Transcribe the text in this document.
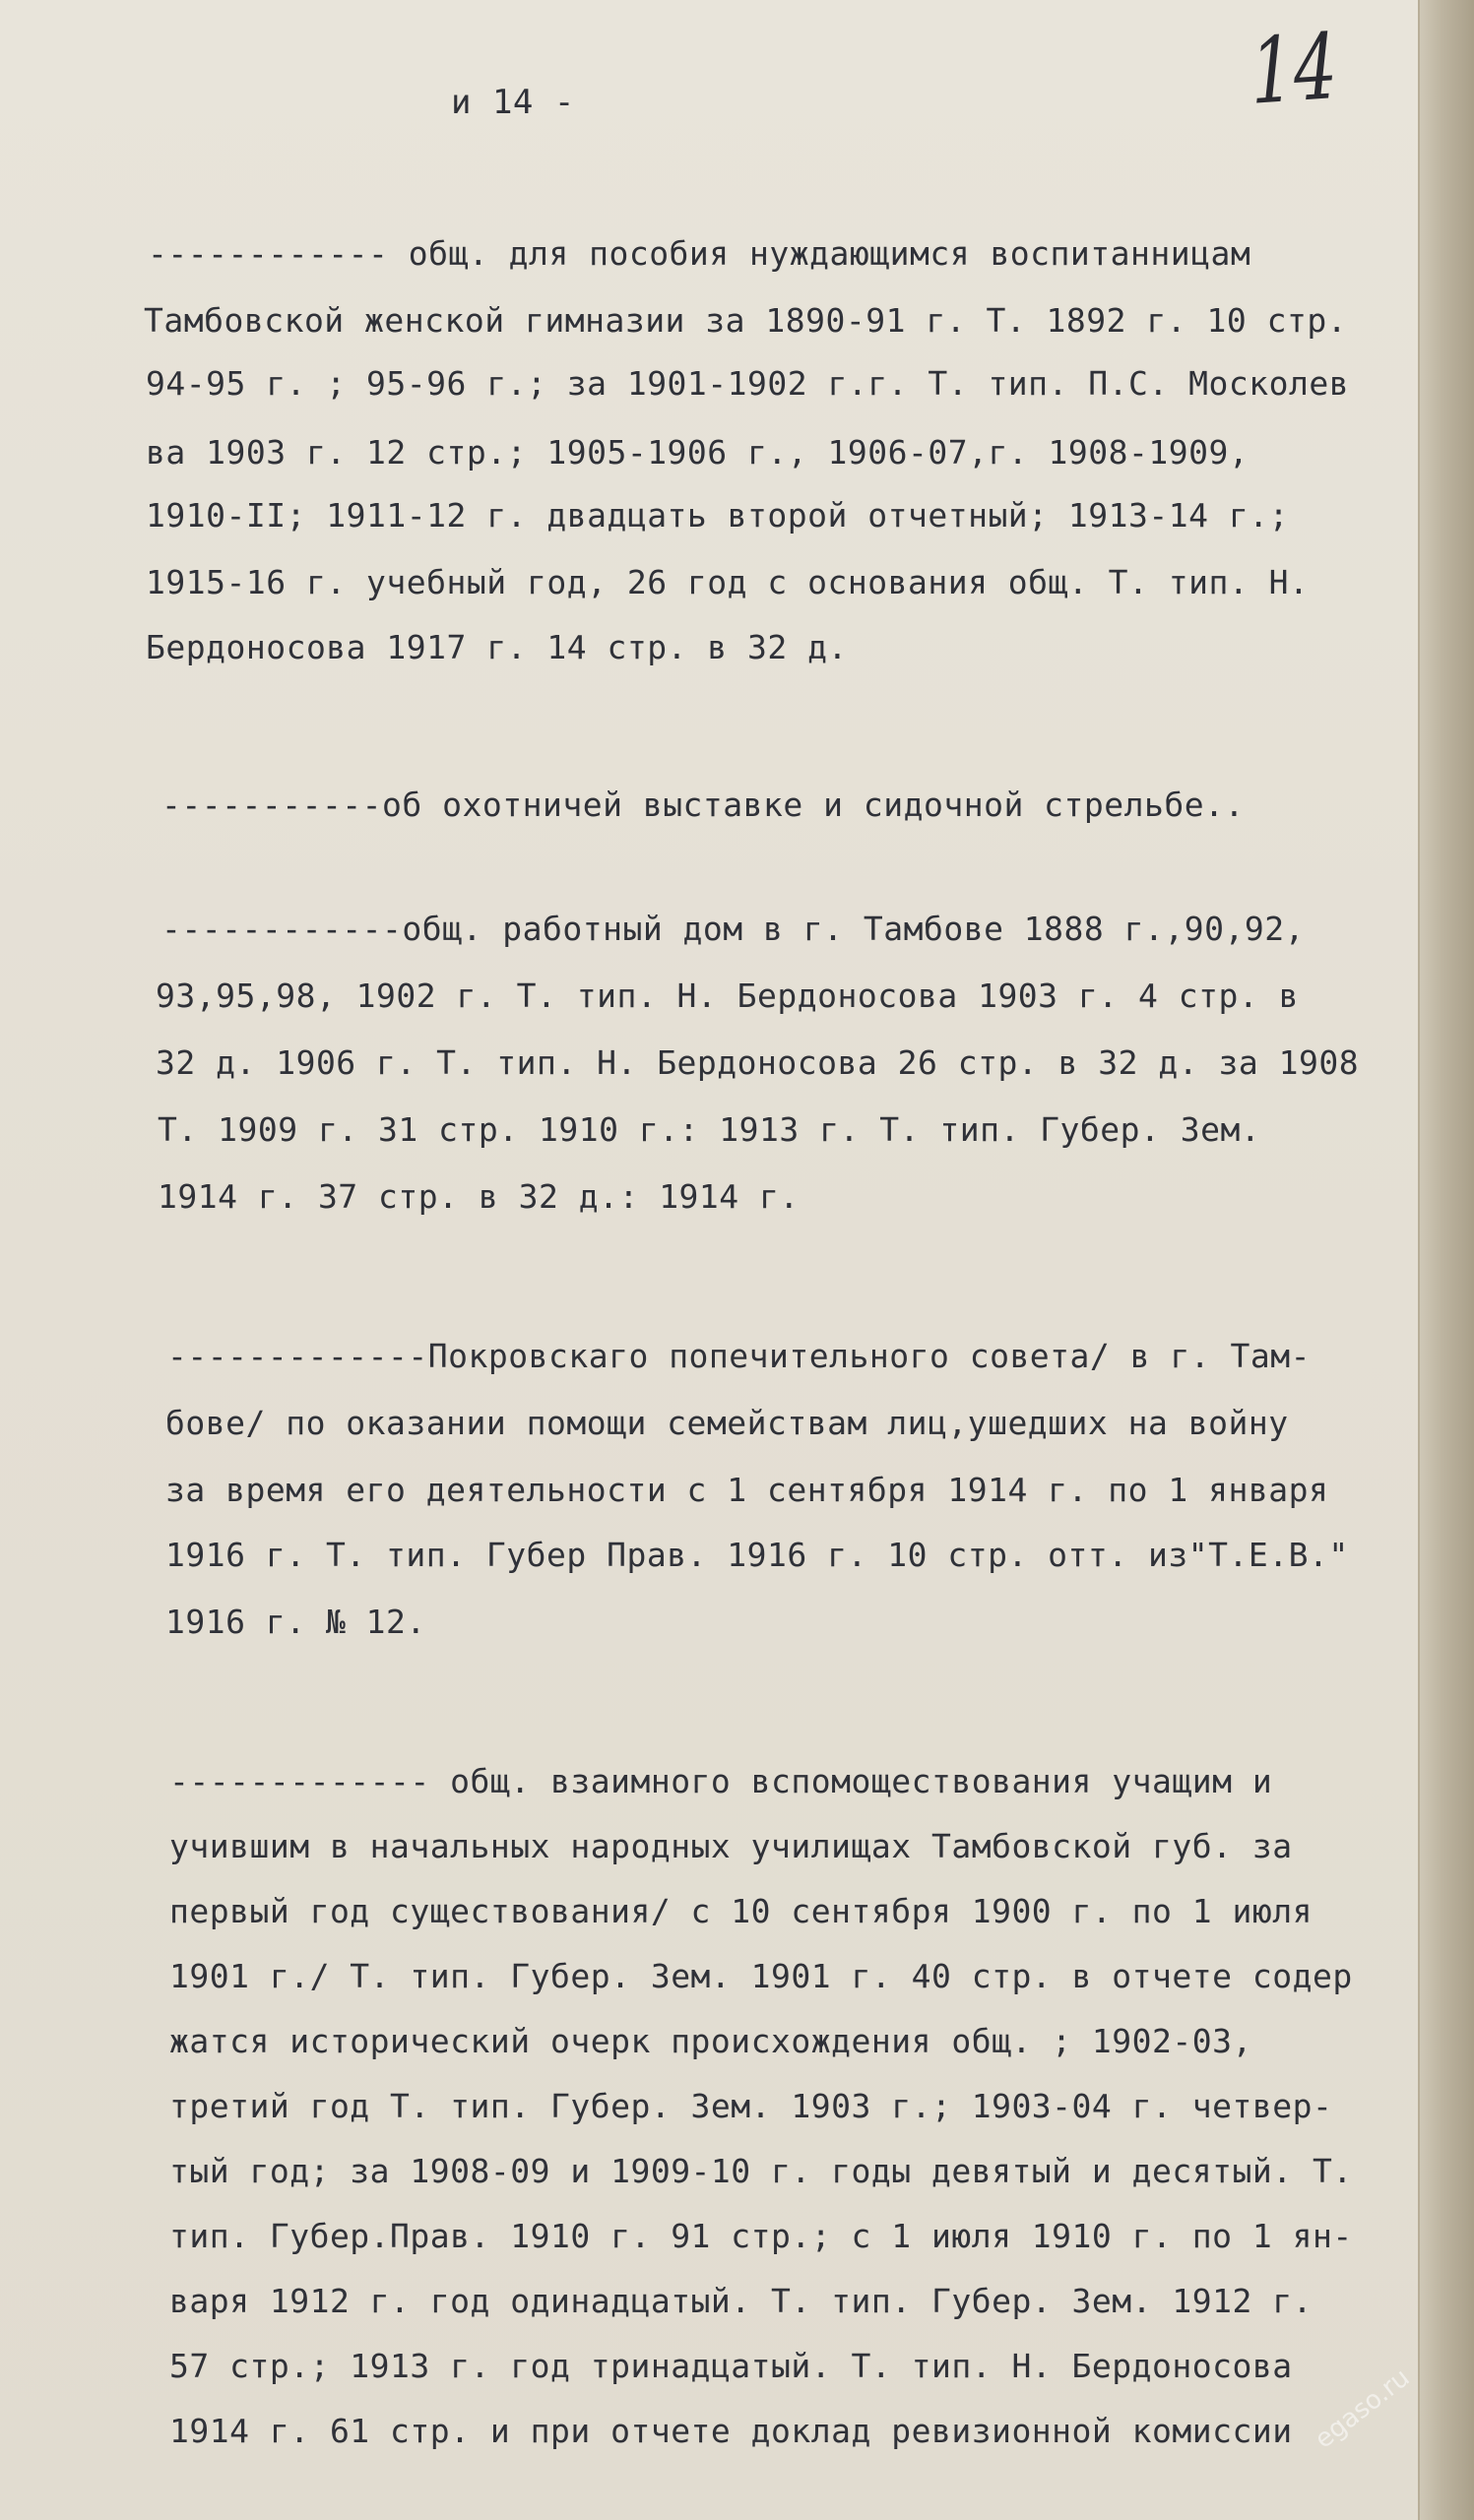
и 14 -

------------ общ. для пособия нуждающимся воспитанницам

Тамбовской женской гимназии за 1890-91 г. Т. 1892 г. 10 стр.

94-95 г. ; 95-96 г.; за 1901-1902 г.г. Т. тип. П.С. Москолев

ва 1903 г. 12 стр.; 1905-1906 г., 1906-07,г. 1908-1909,

1910-II; 1911-12 г. двадцать второй отчетный; 1913-14 г.;

1915-16 г. учебный год, 26 год с основания общ. Т. тип. Н.

Бердоносова 1917 г. 14 стр. в 32 д.

-----------об охотничей выставке и сидочной стрельбе..

------------общ. работный дом в г. Тамбове 1888 г.,90,92,

93,95,98, 1902 г. Т. тип. Н. Бердоносова 1903 г. 4 стр. в

32 д. 1906 г. Т. тип. Н. Бердоносова 26 стр. в 32 д. за 1908

Т. 1909 г. 31 стр. 1910 г.: 1913 г. Т. тип. Губер. Зем.

1914 г. 37 стр. в 32 д.: 1914 г.

-------------Покровскаго попечительного совета/ в г. Там-

бове/ по оказании помощи семействам лиц,ушедших на войну

за время его деятельности с 1 сентября 1914 г. по 1 января

1916 г. Т. тип. Губер Прав. 1916 г. 10 стр. отт. из"Т.Е.В."

1916 г. № 12.

------------- общ. взаимного вспомоществования учащим и

учившим в начальных народных училищах Тамбовской губ. за

первый год существования/ с 10 сентября 1900 г. по 1 июля

1901 г./ Т. тип. Губер. Зем. 1901 г. 40 стр. в отчете содер

жатся исторический очерк происхождения общ. ; 1902-03,

третий год Т. тип. Губер. Зем. 1903 г.; 1903-04 г. четвер-

тый год; за 1908-09 и 1909-10 г. годы девятый и десятый. Т.

тип. Губер.Прав. 1910 г. 91 стр.; с 1 июля 1910 г. по 1 ян-

варя 1912 г. год одинадцатый. Т. тип. Губер. Зем. 1912 г.

57 стр.; 1913 г. год тринадцатый. Т. тип. Н. Бердоносова

1914 г. 61 стр. и при отчете доклад ревизионной комиссии

14
egaso.ru
